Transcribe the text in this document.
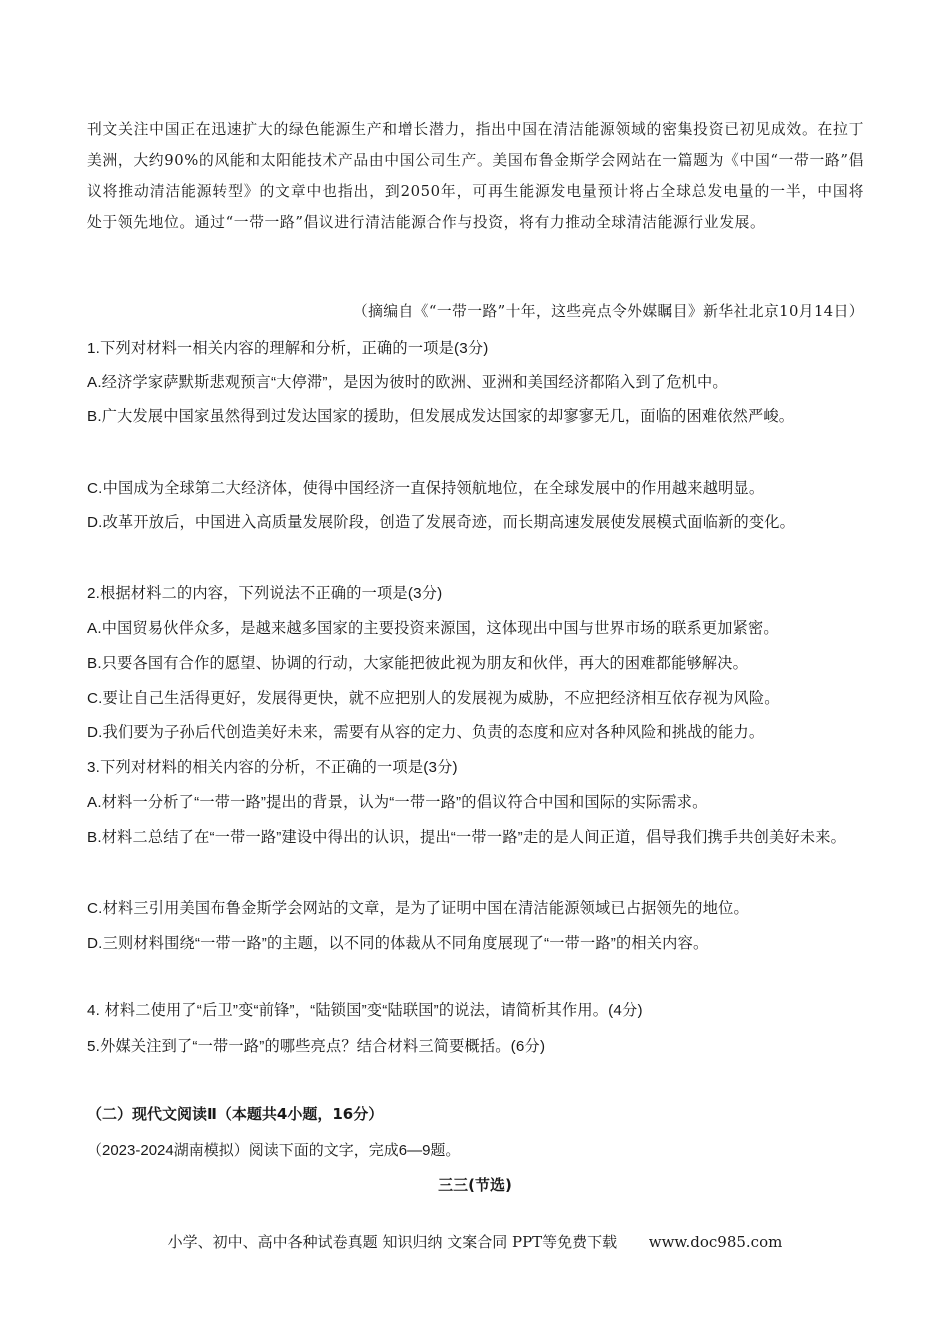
刊文关注中国正在迅速扩大的绿色能源生产和增长潜力，指出中国在清洁能源领域的密集投资已初见成效。在拉丁美洲，大约90%的风能和太阳能技术产品由中国公司生产。美国布鲁金斯学会网站在一篇题为《中国“一带一路”倡议将推动清洁能源转型》的文章中也指出，到2050年，可再生能源发电量预计将占全球总发电量的一半，中国将处于领先地位。通过“一带一路”倡议进行清洁能源合作与投资，将有力推动全球清洁能源行业发展。

（摘编自《“一带一路”十年，这些亮点令外媒瞩目》新华社北京10月14日）

1.下列对材料一相关内容的理解和分析，正确的一项是(3分)

A.经济学家萨默斯悲观预言“大停滞”，是因为彼时的欧洲、亚洲和美国经济都陷入到了危机中。

B.广大发展中国家虽然得到过发达国家的援助，但发展成发达国家的却寥寥无几，面临的困难依然严峻。

C.中国成为全球第二大经济体，使得中国经济一直保持领航地位，在全球发展中的作用越来越明显。

D.改革开放后，中国进入高质量发展阶段，创造了发展奇迹，而长期高速发展使发展模式面临新的变化。

2.根据材料二的内容，下列说法不正确的一项是(3分)

A.中国贸易伙伴众多，是越来越多国家的主要投资来源国，这体现出中国与世界市场的联系更加紧密。

B.只要各国有合作的愿望、协调的行动，大家能把彼此视为朋友和伙伴，再大的困难都能够解决。

C.要让自己生活得更好，发展得更快，就不应把别人的发展视为威胁，不应把经济相互依存视为风险。

D.我们要为子孙后代创造美好未来，需要有从容的定力、负责的态度和应对各种风险和挑战的能力。

3.下列对材料的相关内容的分析，不正确的一项是(3分)

A.材料一分析了“一带一路”提出的背景，认为“一带一路”的倡议符合中国和国际的实际需求。

B.材料二总结了在“一带一路”建设中得出的认识，提出“一带一路”走的是人间正道，倡导我们携手共创美好未来。

C.材料三引用美国布鲁金斯学会网站的文章，是为了证明中国在清洁能源领域已占据领先的地位。

D.三则材料围绕“一带一路”的主题，以不同的体裁从不同角度展现了“一带一路”的相关内容。

4. 材料二使用了“后卫”变“前锋”，“陆锁国”变“陆联国”的说法，请简析其作用。(4分)

5.外媒关注到了“一带一路”的哪些亮点？结合材料三简要概括。(6分)

（二）现代文阅读Ⅱ（本题共4小题，16分）

（2023-2024湖南模拟）阅读下面的文字，完成6—9题。

三三(节选)

小学、初中、高中各种试卷真题 知识归纳 文案合同 PPT等免费下载 www.doc985.com
